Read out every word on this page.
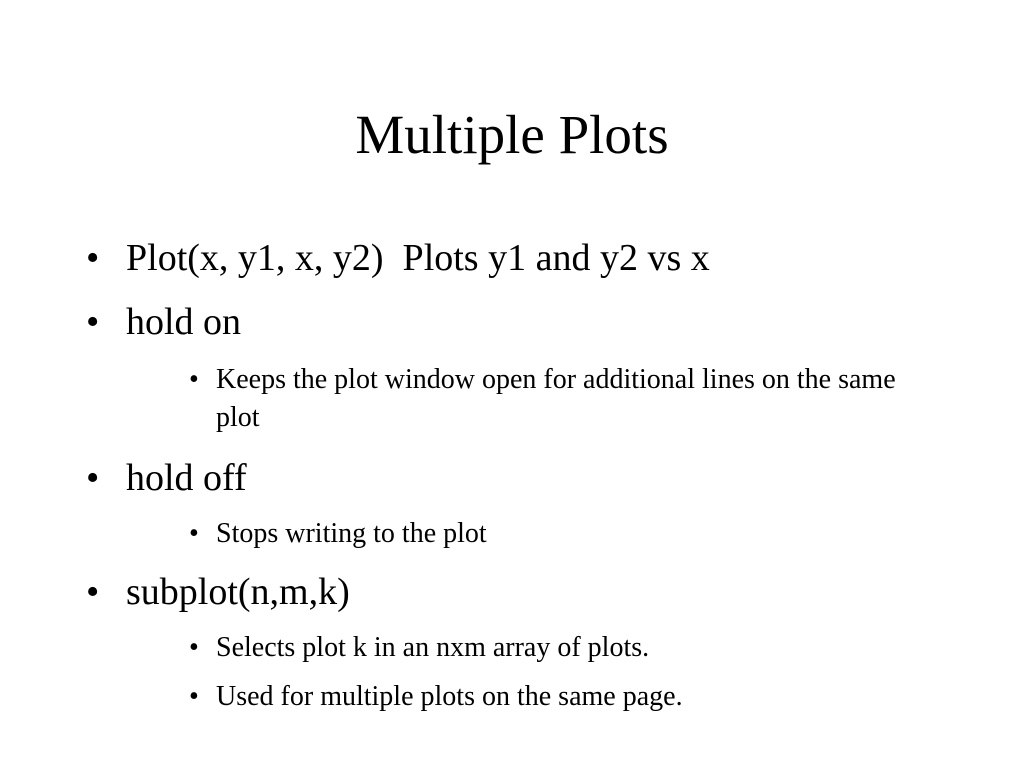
Multiple Plots
• Plot(x, y1, x, y2)  Plots y1 and y2 vs x
• hold on
• Keeps the plot window open for additional lines on the same plot
• hold off
• Stops writing to the plot
• subplot(n,m,k)
• Selects plot k in an nxm array of plots.
• Used for multiple plots on the same page.
